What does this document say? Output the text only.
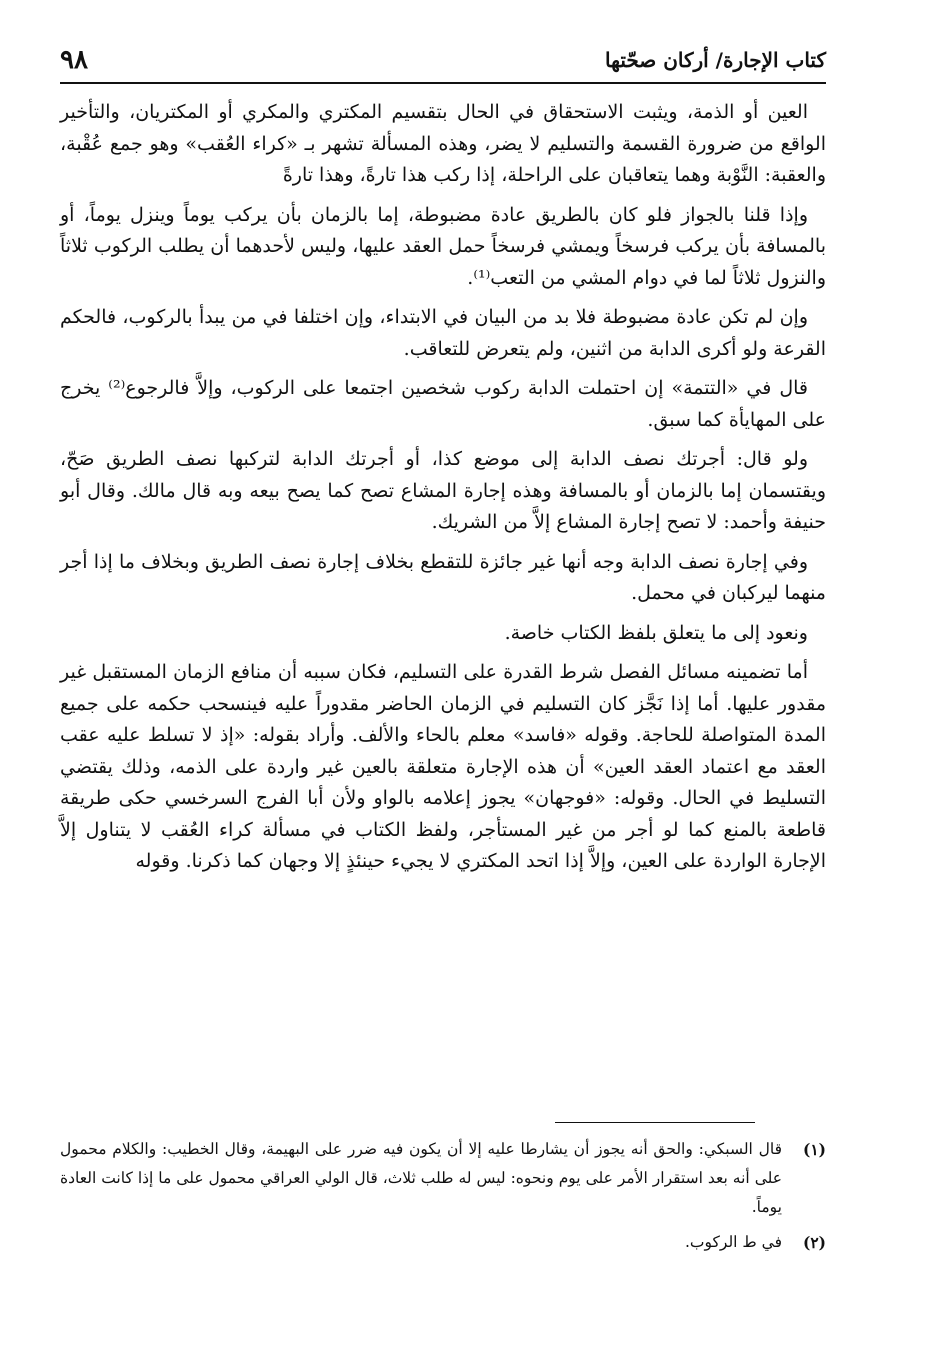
كتاب الإجارة/ أركان صحّتها
٩٨

العين أو الذمة، ويثبت الاستحقاق في الحال بتقسيم المكتري والمكري أو المكتريان، والتأخير الواقع من ضرورة القسمة والتسليم لا يضر، وهذه المسألة تشهر بـ «كراء العُقب» وهو جمع عُقْبة، والعقبة: النَّوْبة وهما يتعاقبان على الراحلة، إذا ركب هذا تارةً، وهذا تارةً

وإذا قلنا بالجواز فلو كان بالطريق عادة مضبوطة، إما بالزمان بأن يركب يوماً وينزل يوماً، أو بالمسافة بأن يركب فرسخاً ويمشي فرسخاً حمل العقد عليها، وليس لأحدهما أن يطلب الركوب ثلاثاً والنزول ثلاثاً لما في دوام المشي من التعب⁽¹⁾.

وإن لم تكن عادة مضبوطة فلا بد من البيان في الابتداء، وإن اختلفا في من يبدأ بالركوب، فالحكم القرعة ولو أكرى الدابة من اثنين، ولم يتعرض للتعاقب.

قال في «التتمة» إن احتملت الدابة ركوب شخصين اجتمعا على الركوب، وإلاَّ فالرجوع⁽²⁾ يخرج على المهايأة كما سبق.

ولو قال: أجرتك نصف الدابة إلى موضع كذا، أو أجرتك الدابة لتركبها نصف الطريق صَحّ، ويقتسمان إما بالزمان أو بالمسافة وهذه إجارة المشاع تصح كما يصح بيعه وبه قال مالك. وقال أبو حنيفة وأحمد: لا تصح إجارة المشاع إلاَّ من الشريك.

وفي إجارة نصف الدابة وجه أنها غير جائزة للتقطع بخلاف إجارة نصف الطريق وبخلاف ما إذا أجر منهما ليركبان في محمل.

ونعود إلى ما يتعلق بلفظ الكتاب خاصة.

أما تضمينه مسائل الفصل شرط القدرة على التسليم، فكان سببه أن منافع الزمان المستقبل غير مقدور عليها. أما إذا نَجَّز كان التسليم في الزمان الحاضر مقدوراً عليه فينسحب حكمه على جميع المدة المتواصلة للحاجة. وقوله «فاسد» معلم بالحاء والألف. وأراد بقوله: «إذ لا تسلط عليه عقب العقد مع اعتماد العقد العين» أن هذه الإجارة متعلقة بالعين غير واردة على الذمه، وذلك يقتضي التسليط في الحال. وقوله: «فوجهان» يجوز إعلامه بالواو ولأن أبا الفرج السرخسي حكى طريقة قاطعة بالمنع كما لو أجر من غير المستأجر، ولفظ الكتاب في مسألة كراء العُقب لا يتناول إلاَّ الإجارة الواردة على العين، وإلاَّ إذا اتحد المكتري لا يجيء حينئذٍ إلا وجهان كما ذكرنا. وقوله

(١)
قال السبكي: والحق أنه يجوز أن يشارطا عليه إلا أن يكون فيه ضرر على البهيمة، وقال الخطيب: والكلام محمول على أنه بعد استقرار الأمر على يوم ونحوه: ليس له طلب ثلاث، قال الولي العراقي محمول على ما إذا كانت العادة يوماً.
(٢)
في ط الركوب.
